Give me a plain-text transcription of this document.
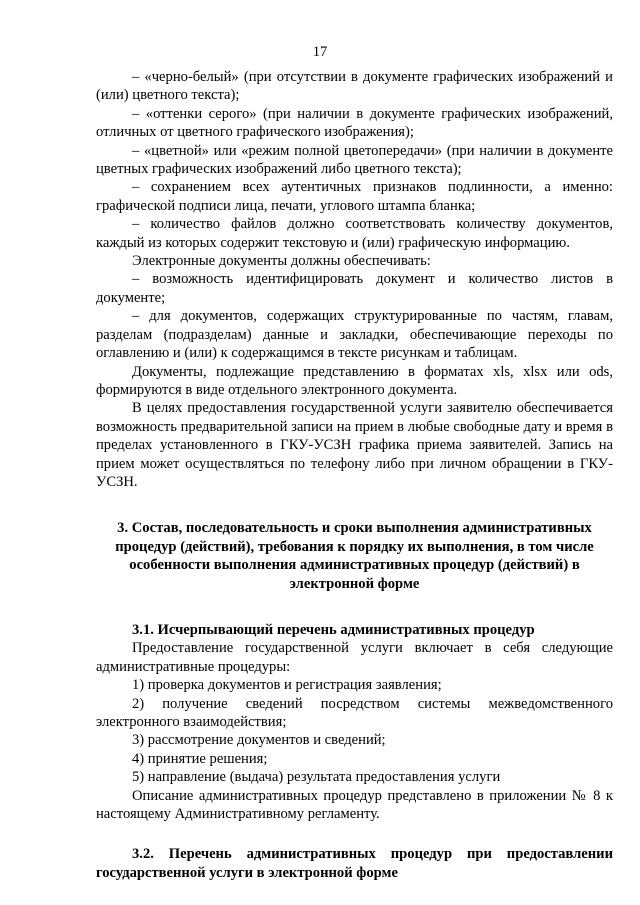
17

– «черно-белый» (при отсутствии в документе графических изображений и (или) цветного текста);

– «оттенки серого» (при наличии в документе графических изображений, отличных от цветного графического изображения);

– «цветной» или «режим полной цветопередачи» (при наличии в документе цветных графических изображений либо цветного текста);

– сохранением всех аутентичных признаков подлинности, а именно: графической подписи лица, печати, углового штампа бланка;

– количество файлов должно соответствовать количеству документов, каждый из которых содержит текстовую и (или) графическую информацию.

Электронные документы должны обеспечивать:

– возможность идентифицировать документ и количество листов в документе;

– для документов, содержащих структурированные по частям, главам, разделам (подразделам) данные и закладки, обеспечивающие переходы по оглавлению и (или) к содержащимся в тексте рисункам и таблицам.

Документы, подлежащие представлению в форматах xls, xlsx или ods, формируются в виде отдельного электронного документа.

В целях предоставления государственной услуги заявителю обеспечивается возможность предварительной записи на прием в любые свободные дату и время в пределах установленного в ГКУ-УСЗН графика приема заявителей. Запись на прием может осуществляться по телефону либо при личном обращении в ГКУ-УСЗН.

3. Состав, последовательность и сроки выполнения административных процедур (действий), требования к порядку их выполнения, в том числе особенности выполнения административных процедур (действий) в электронной форме

3.1. Исчерпывающий перечень административных процедур

Предоставление государственной услуги включает в себя следующие административные процедуры:

1) проверка документов и регистрация заявления;

2) получение сведений посредством системы межведомственного электронного взаимодействия;

3) рассмотрение документов и сведений;

4) принятие решения;

5) направление (выдача) результата предоставления услуги

Описание административных процедур представлено в приложении № 8 к настоящему Административному регламенту.

3.2. Перечень административных процедур при предоставлении государственной услуги в электронной форме
